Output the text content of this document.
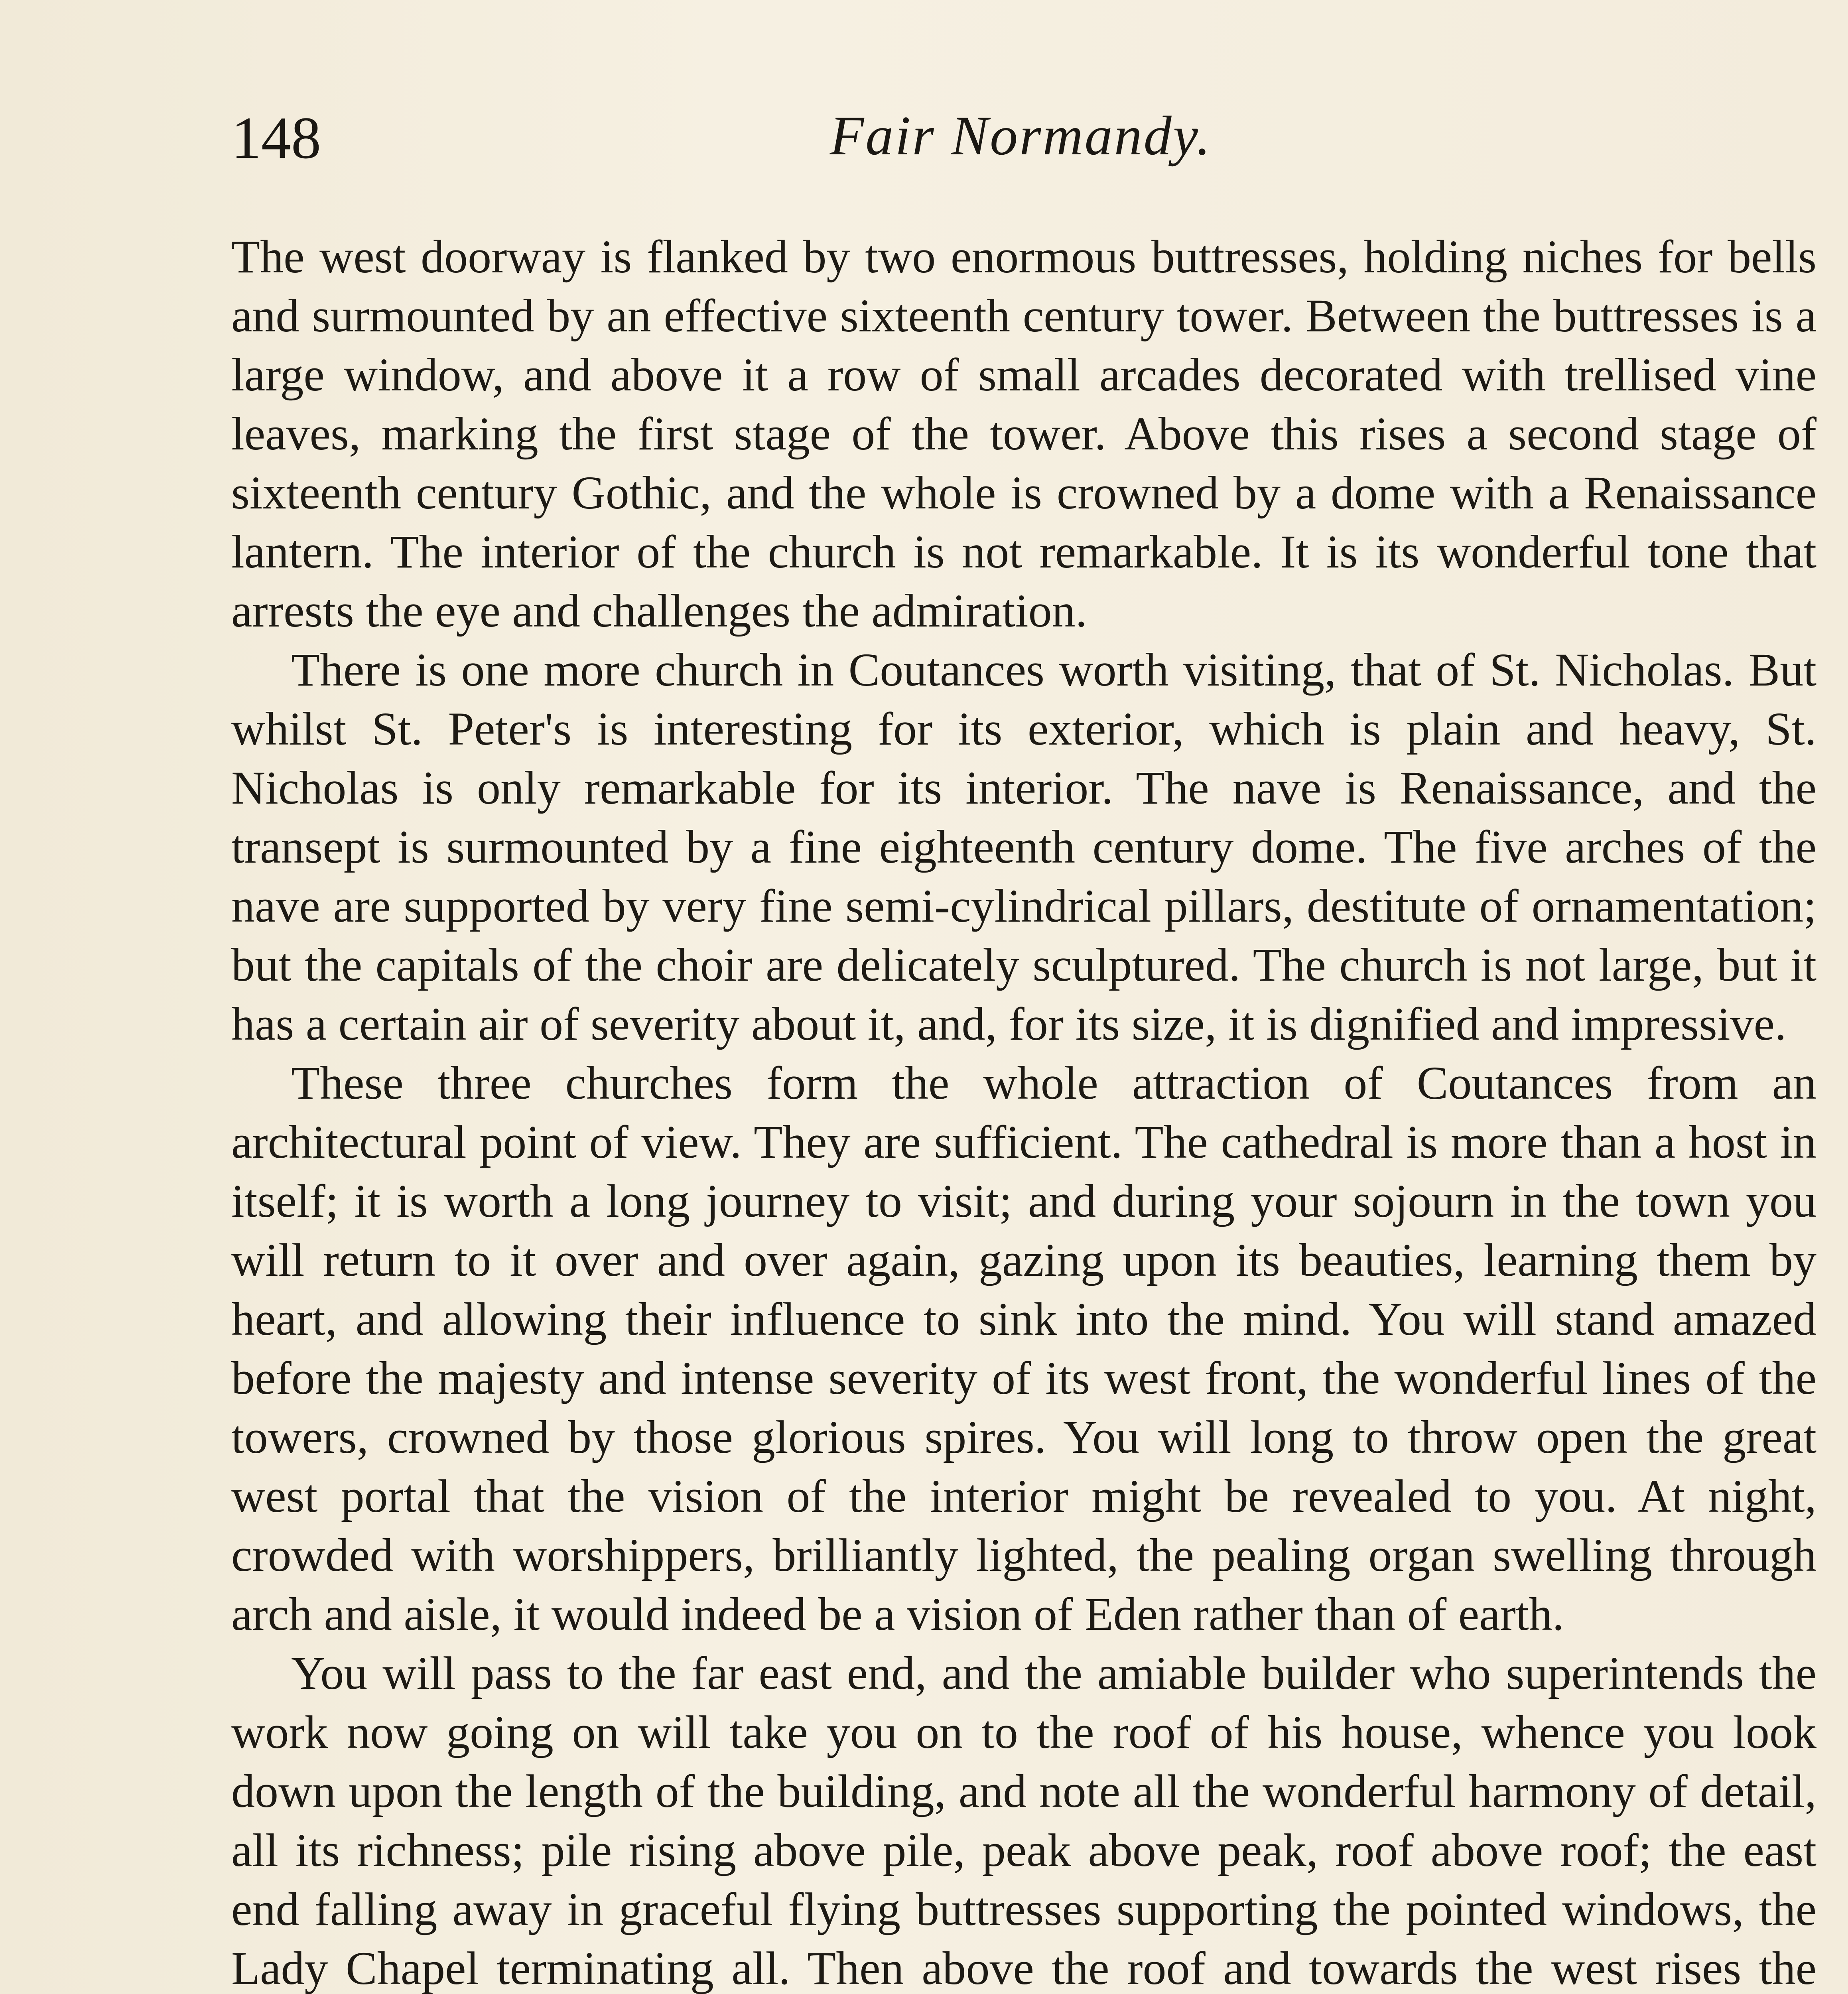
148	Fair Normandy.

The west doorway is flanked by two enormous buttresses, holding niches for bells and surmounted by an effective sixteenth century tower. Between the buttresses is a large window, and above it a row of small arcades decorated with trellised vine leaves, marking the first stage of the tower. Above this rises a second stage of sixteenth century Gothic, and the whole is crowned by a dome with a Renaissance lantern. The interior of the church is not remarkable. It is its wonderful tone that arrests the eye and challenges the admiration.

There is one more church in Coutances worth visiting, that of St. Nicholas. But whilst St. Peter's is interesting for its exterior, which is plain and heavy, St. Nicholas is only remarkable for its interior. The nave is Renaissance, and the transept is surmounted by a fine eighteenth century dome. The five arches of the nave are supported by very fine semi-cylindrical pillars, destitute of ornamentation; but the capitals of the choir are delicately sculptured. The church is not large, but it has a certain air of severity about it, and, for its size, it is dignified and impressive.

These three churches form the whole attraction of Coutances from an architectural point of view. They are sufficient. The cathedral is more than a host in itself; it is worth a long journey to visit; and during your sojourn in the town you will return to it over and over again, gazing upon its beauties, learning them by heart, and allowing their influence to sink into the mind. You will stand amazed before the majesty and intense severity of its west front, the wonderful lines of the towers, crowned by those glorious spires. You will long to throw open the great west portal that the vision of the interior might be revealed to you. At night, crowded with worshippers, brilliantly lighted, the pealing organ swelling through arch and aisle, it would indeed be a vision of Eden rather than of earth.

You will pass to the far east end, and the amiable builder who superintends the work now going on will take you on to the roof of his house, whence you look down upon the length of the building, and note all the wonderful harmony of detail, all its richness; pile rising above pile, peak above peak, roof above roof; the east end falling away in graceful flying buttresses supporting the pointed windows, the Lady Chapel terminating all. Then above the roof and towards the west rises the
